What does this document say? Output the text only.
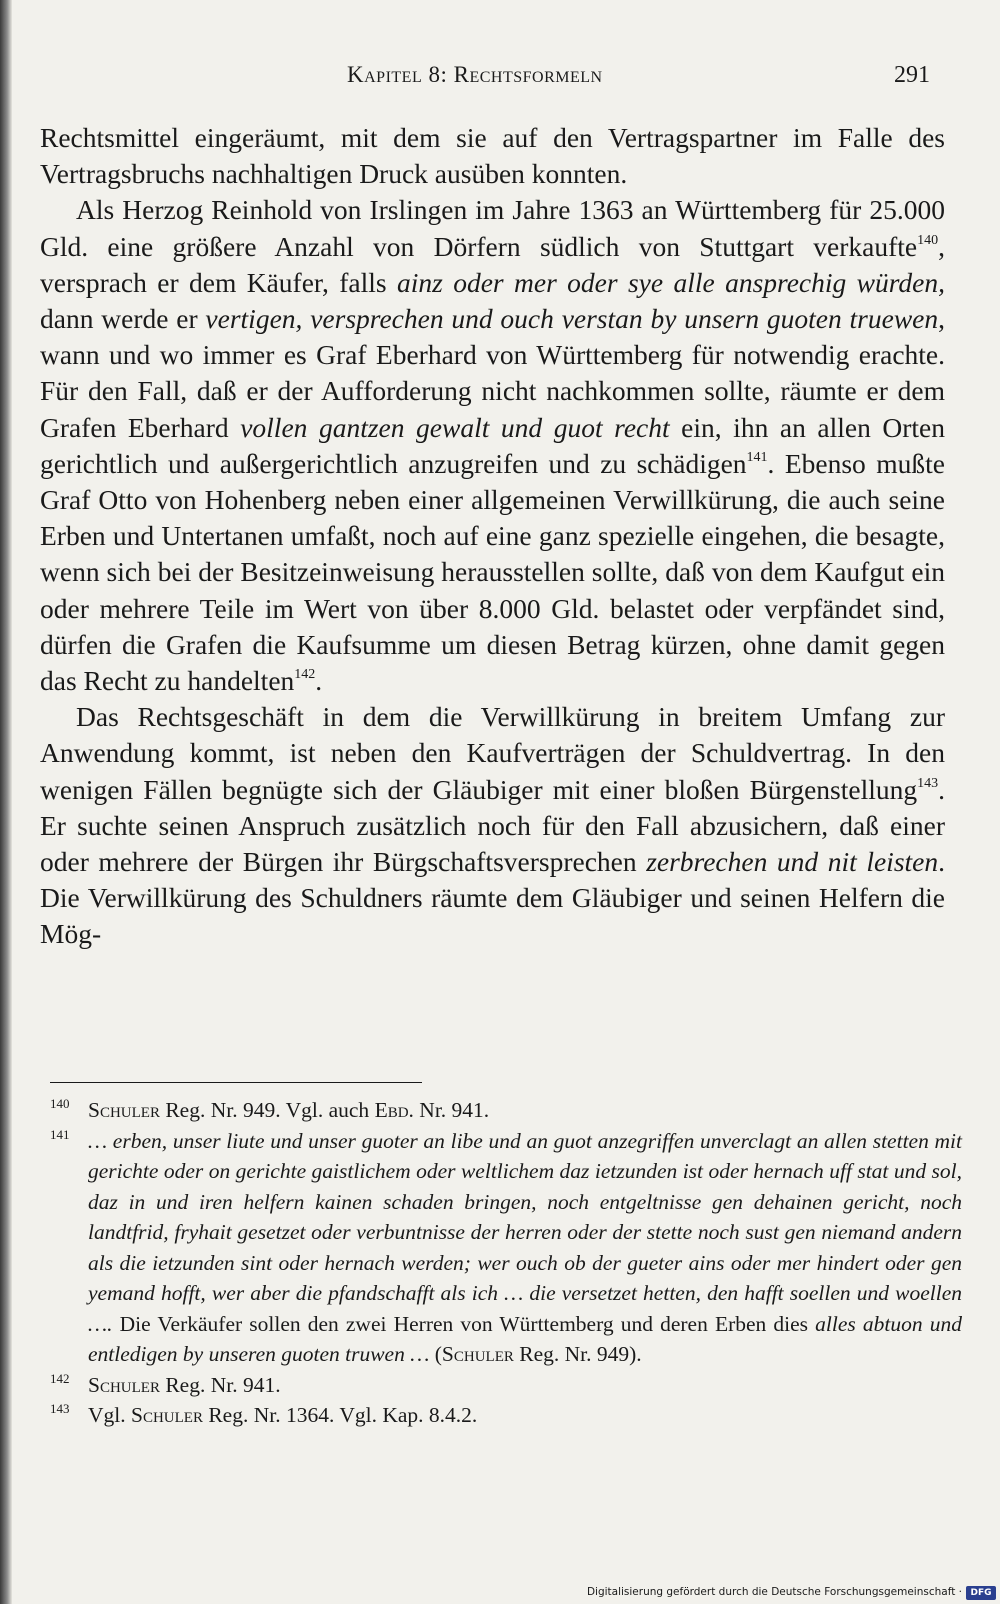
Kapitel 8: Rechtsformeln	291

Rechtsmittel eingeräumt, mit dem sie auf den Vertragspartner im Falle des Vertragsbruchs nachhaltigen Druck ausüben konnten.

Als Herzog Reinhold von Irslingen im Jahre 1363 an Württemberg für 25.000 Gld. eine größere Anzahl von Dörfern südlich von Stuttgart verkaufte$^{140}$, versprach er dem Käufer, falls ainz oder mer oder sye alle ansprechig würden, dann werde er vertigen, versprechen und ouch verstan by unsern guoten truewen, wann und wo immer es Graf Eberhard von Württemberg für notwendig erachte. Für den Fall, daß er der Aufforderung nicht nachkommen sollte, räumte er dem Grafen Eberhard vollen gantzen gewalt und guot recht ein, ihn an allen Orten gerichtlich und außergerichtlich anzugreifen und zu schädigen$^{141}$. Ebenso mußte Graf Otto von Hohenberg neben einer allgemeinen Verwillkürung, die auch seine Erben und Untertanen umfaßt, noch auf eine ganz spezielle eingehen, die besagte, wenn sich bei der Besitzeinweisung herausstellen sollte, daß von dem Kaufgut ein oder mehrere Teile im Wert von über 8.000 Gld. belastet oder verpfändet sind, dürfen die Grafen die Kaufsumme um diesen Betrag kürzen, ohne damit gegen das Recht zu handelten$^{142}$.

Das Rechtsgeschäft in dem die Verwillkürung in breitem Umfang zur Anwendung kommt, ist neben den Kaufverträgen der Schuldvertrag. In den wenigen Fällen begnügte sich der Gläubiger mit einer bloßen Bürgenstellung$^{143}$. Er suchte seinen Anspruch zusätzlich noch für den Fall abzusichern, daß einer oder mehrere der Bürgen ihr Bürgschaftsversprechen zerbrechen und nit leisten. Die Verwillkürung des Schuldners räumte dem Gläubiger und seinen Helfern die Mög-

140 Schuler Reg. Nr. 949. Vgl. auch Ebd. Nr. 941.
141 … erben, unser liute und unser guoter an libe und an guot anzegriffen unverclagt an allen stetten mit gerichte oder on gerichte gaistlichem oder weltlichem daz ietzunden ist oder hernach uff stat und sol, daz in und iren helfern kainen schaden bringen, noch entgeltnisse gen dehainen gericht, noch landtfrid, fryhait gesetzet oder verbuntnisse der herren oder der stette noch sust gen niemand andern als die ietzunden sint oder hernach werden; wer ouch ob der gueter ains oder mer hindert oder gen yemand hofft, wer aber die pfandschafft als ich … die versetzet hetten, den hafft soellen und woellen …. Die Verkäufer sollen den zwei Herren von Württemberg und deren Erben dies alles abtuon und entledigen by unseren guoten truwen … (Schuler Reg. Nr. 949).
142 Schuler Reg. Nr. 941.
143 Vgl. Schuler Reg. Nr. 1364. Vgl. Kap. 8.4.2.
Digitalisierung gefördert durch die Deutsche Forschungsgemeinschaft · DFG
